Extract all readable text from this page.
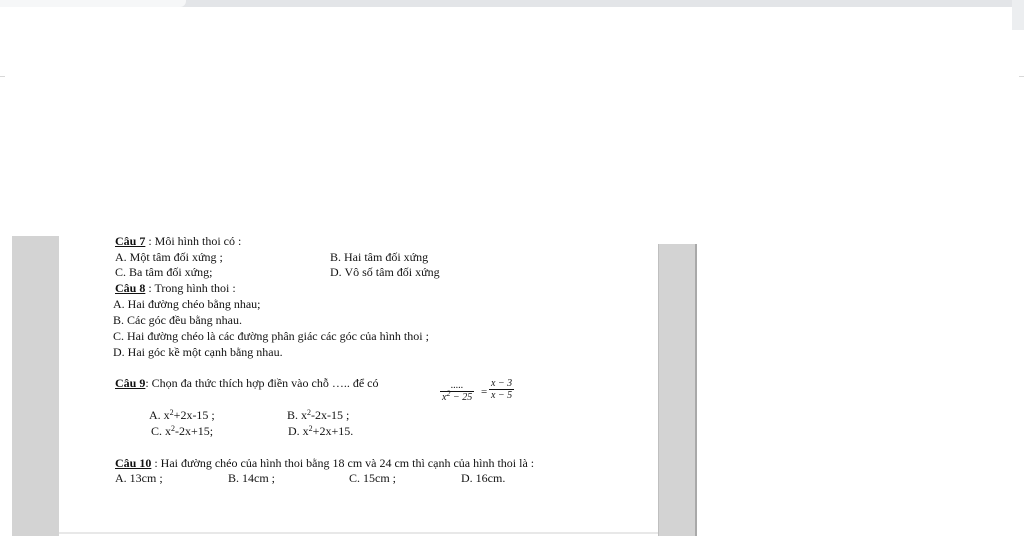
Câu 7 : Môi hình thoi có :
A. Một tâm đối xứng ;	B. Hai tâm đối xứng
C. Ba tâm đối xứng;	D. Vô số tâm đối xứng
Câu 8 : Trong hình thoi :
A. Hai đường chéo bằng nhau;
B. Các góc đều bằng nhau.
C. Hai đường chéo là các đường phân giác các góc của hình thoi ;
D. Hai góc kề một cạnh bằng nhau.
Câu 9: Chọn đa thức thích hợp điền vào chỗ ….. để có	.....
$x^2 - 25 = \frac{x - 3}{x - 5}$
A. $x^2+2x-15$ ;	B. $x^2-2x-15$ ;
C. $x^2-2x+15$;	D. $x^2+2x+15$.
Câu 10 : Hai đường chéo của hình thoi bằng 18 cm và 24 cm thì cạnh của hình thoi là :
A. 13cm ;	B. 14cm ;	C. 15cm ;	D. 16cm.
